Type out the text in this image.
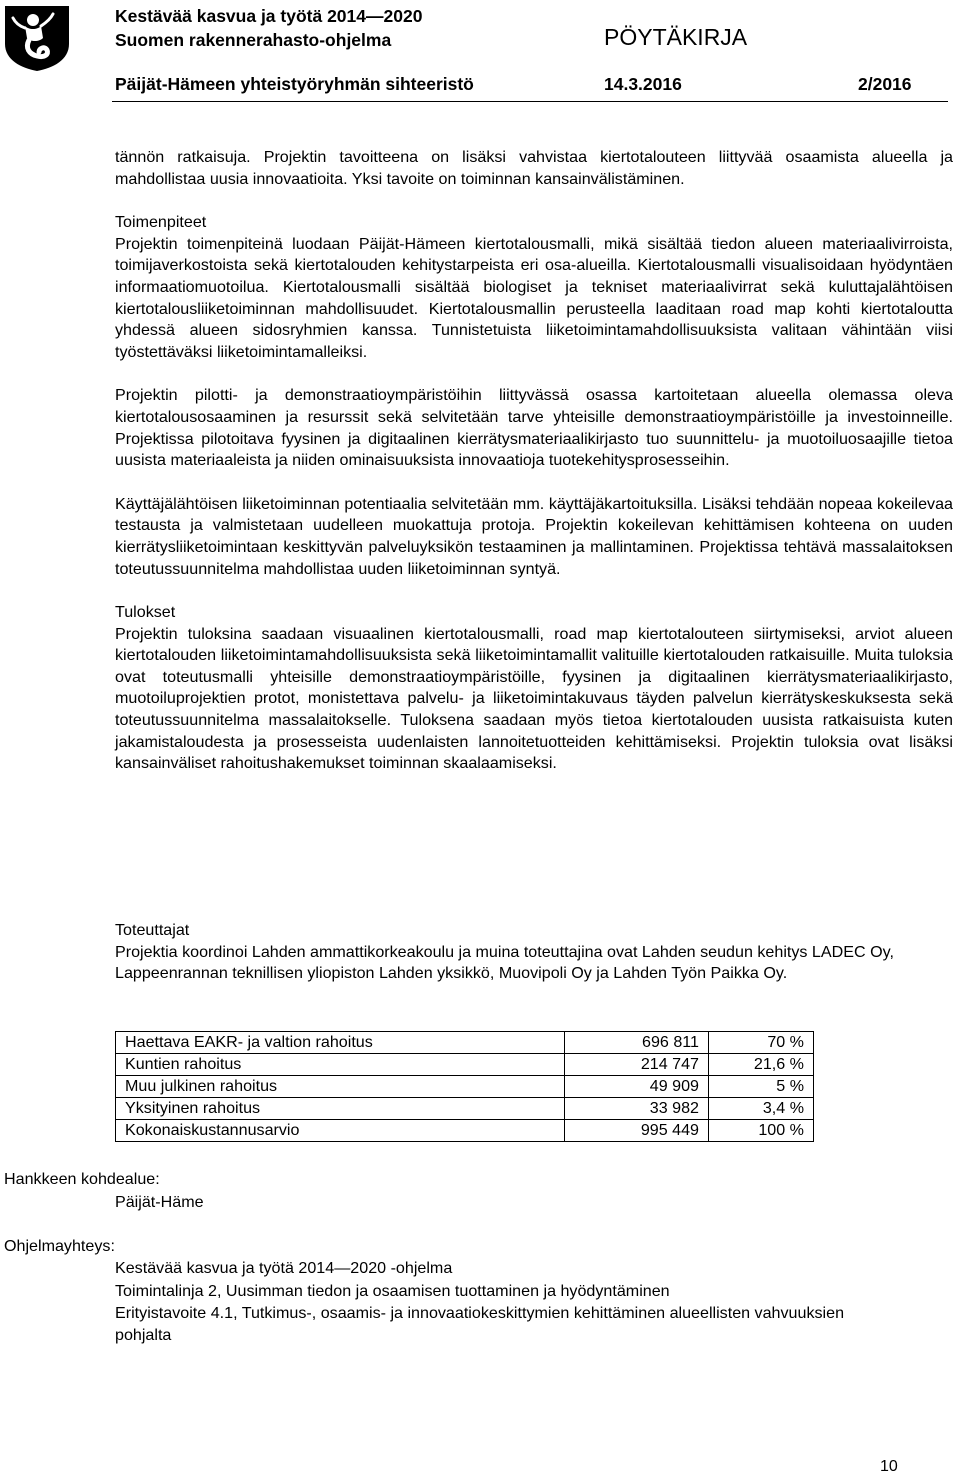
Kestävää kasvua ja työtä 2014—2020
Suomen rakennerahasto-ohjelma	PÖYTÄKIRJA
Päijät-Hämeen yhteistyöryhmän sihteeristö	14.3.2016	2/2016

tännön ratkaisuja. Projektin tavoitteena on lisäksi vahvistaa kiertotalouteen liittyvää osaamista alueella ja mahdollistaa uusia innovaatioita. Yksi tavoite on toiminnan kansainvälistäminen.

Toimenpiteet

Projektin toimenpiteinä luodaan Päijät-Hämeen kiertotalousmalli, mikä sisältää tiedon alueen materiaalivirroista, toimijaverkostoista sekä kiertotalouden kehitystarpeista eri osa-alueilla. Kiertotalousmalli visualisoidaan hyödyntäen informaatiomuotoilua. Kiertotalousmalli sisältää biologiset ja tekniset materiaalivirrat sekä kuluttajalähtöisen kiertotalousliiketoiminnan mahdollisuudet. Kiertotalousmallin perusteella laaditaan road map kohti kiertotaloutta yhdessä alueen sidosryhmien kanssa. Tunnistetuista liiketoimintamahdollisuuksista valitaan vähintään viisi työstettäväksi liiketoimintamalleiksi.

Projektin pilotti- ja demonstraatioympäristöihin liittyvässä osassa kartoitetaan alueella olemassa oleva kiertotalousosaaminen ja resurssit sekä selvitetään tarve yhteisille demonstraatioympäristöille ja investoinneille. Projektissa pilotoitava fyysinen ja digitaalinen kierrätysmateriaalikirjasto tuo suunnittelu- ja muotoiluosaajille tietoa uusista materiaaleista ja niiden ominaisuuksista innovaatioja tuotekehitysprosesseihin.

Käyttäjälähtöisen liiketoiminnan potentiaalia selvitetään mm. käyttäjäkartoituksilla. Lisäksi tehdään nopeaa kokeilevaa testausta ja valmistetaan uudelleen muokattuja protoja. Projektin kokeilevan kehittämisen kohteena on uuden kierrätysliiketoimintaan keskittyvän palveluyksikön testaaminen ja mallintaminen. Projektissa tehtävä massalaitoksen toteutussuunnitelma mahdollistaa uuden liiketoiminnan syntyä.

Tulokset

Projektin tuloksina saadaan visuaalinen kiertotalousmalli, road map kiertotalouteen siirtymiseksi, arviot alueen kiertotalouden liiketoimintamahdollisuuksista sekä liiketoimintamallit valituille kiertotalouden ratkaisuille. Muita tuloksia ovat toteutusmalli yhteisille demonstraatioympäristöille, fyysinen ja digitaalinen kierrätysmateriaalikirjasto, muotoiluprojektien protot, monistettava palvelu- ja liiketoimintakuvaus täyden palvelun kierrätyskeskuksesta sekä toteutussuunnitelma massalaitokselle. Tuloksena saadaan myös tietoa kiertotalouden uusista ratkaisuista kuten jakamistaloudesta ja prosesseista uudenlaisten lannoitetuotteiden kehittämiseksi. Projektin tuloksia ovat lisäksi kansainväliset rahoitushakemukset toiminnan skaalaamiseksi.

Toteuttajat

Projektia koordinoi Lahden ammattikorkeakoulu ja muina toteuttajina ovat Lahden seudun kehitys LADEC Oy, Lappeenrannan teknillisen yliopiston Lahden yksikkö, Muovipoli Oy ja Lahden Työn Paikka Oy.

Haettava EAKR- ja valtion rahoitus	696 811	70 %
Kuntien rahoitus	214 747	21,6 %
Muu julkinen rahoitus	49 909	5 %
Yksityinen rahoitus	33 982	3,4 %
Kokonaiskustannusarvio	995 449	100 %
Hankkeen kohdealue:
Päijät-Häme
Ohjelmayhteys:
Kestävää kasvua ja työtä 2014—2020 -ohjelma
Toimintalinja 2, Uusimman tiedon ja osaamisen tuottaminen ja hyödyntäminen
Erityistavoite 4.1, Tutkimus-, osaamis- ja innovaatiokeskittymien kehittäminen alueellisten vahvuuksien pohjalta
10
